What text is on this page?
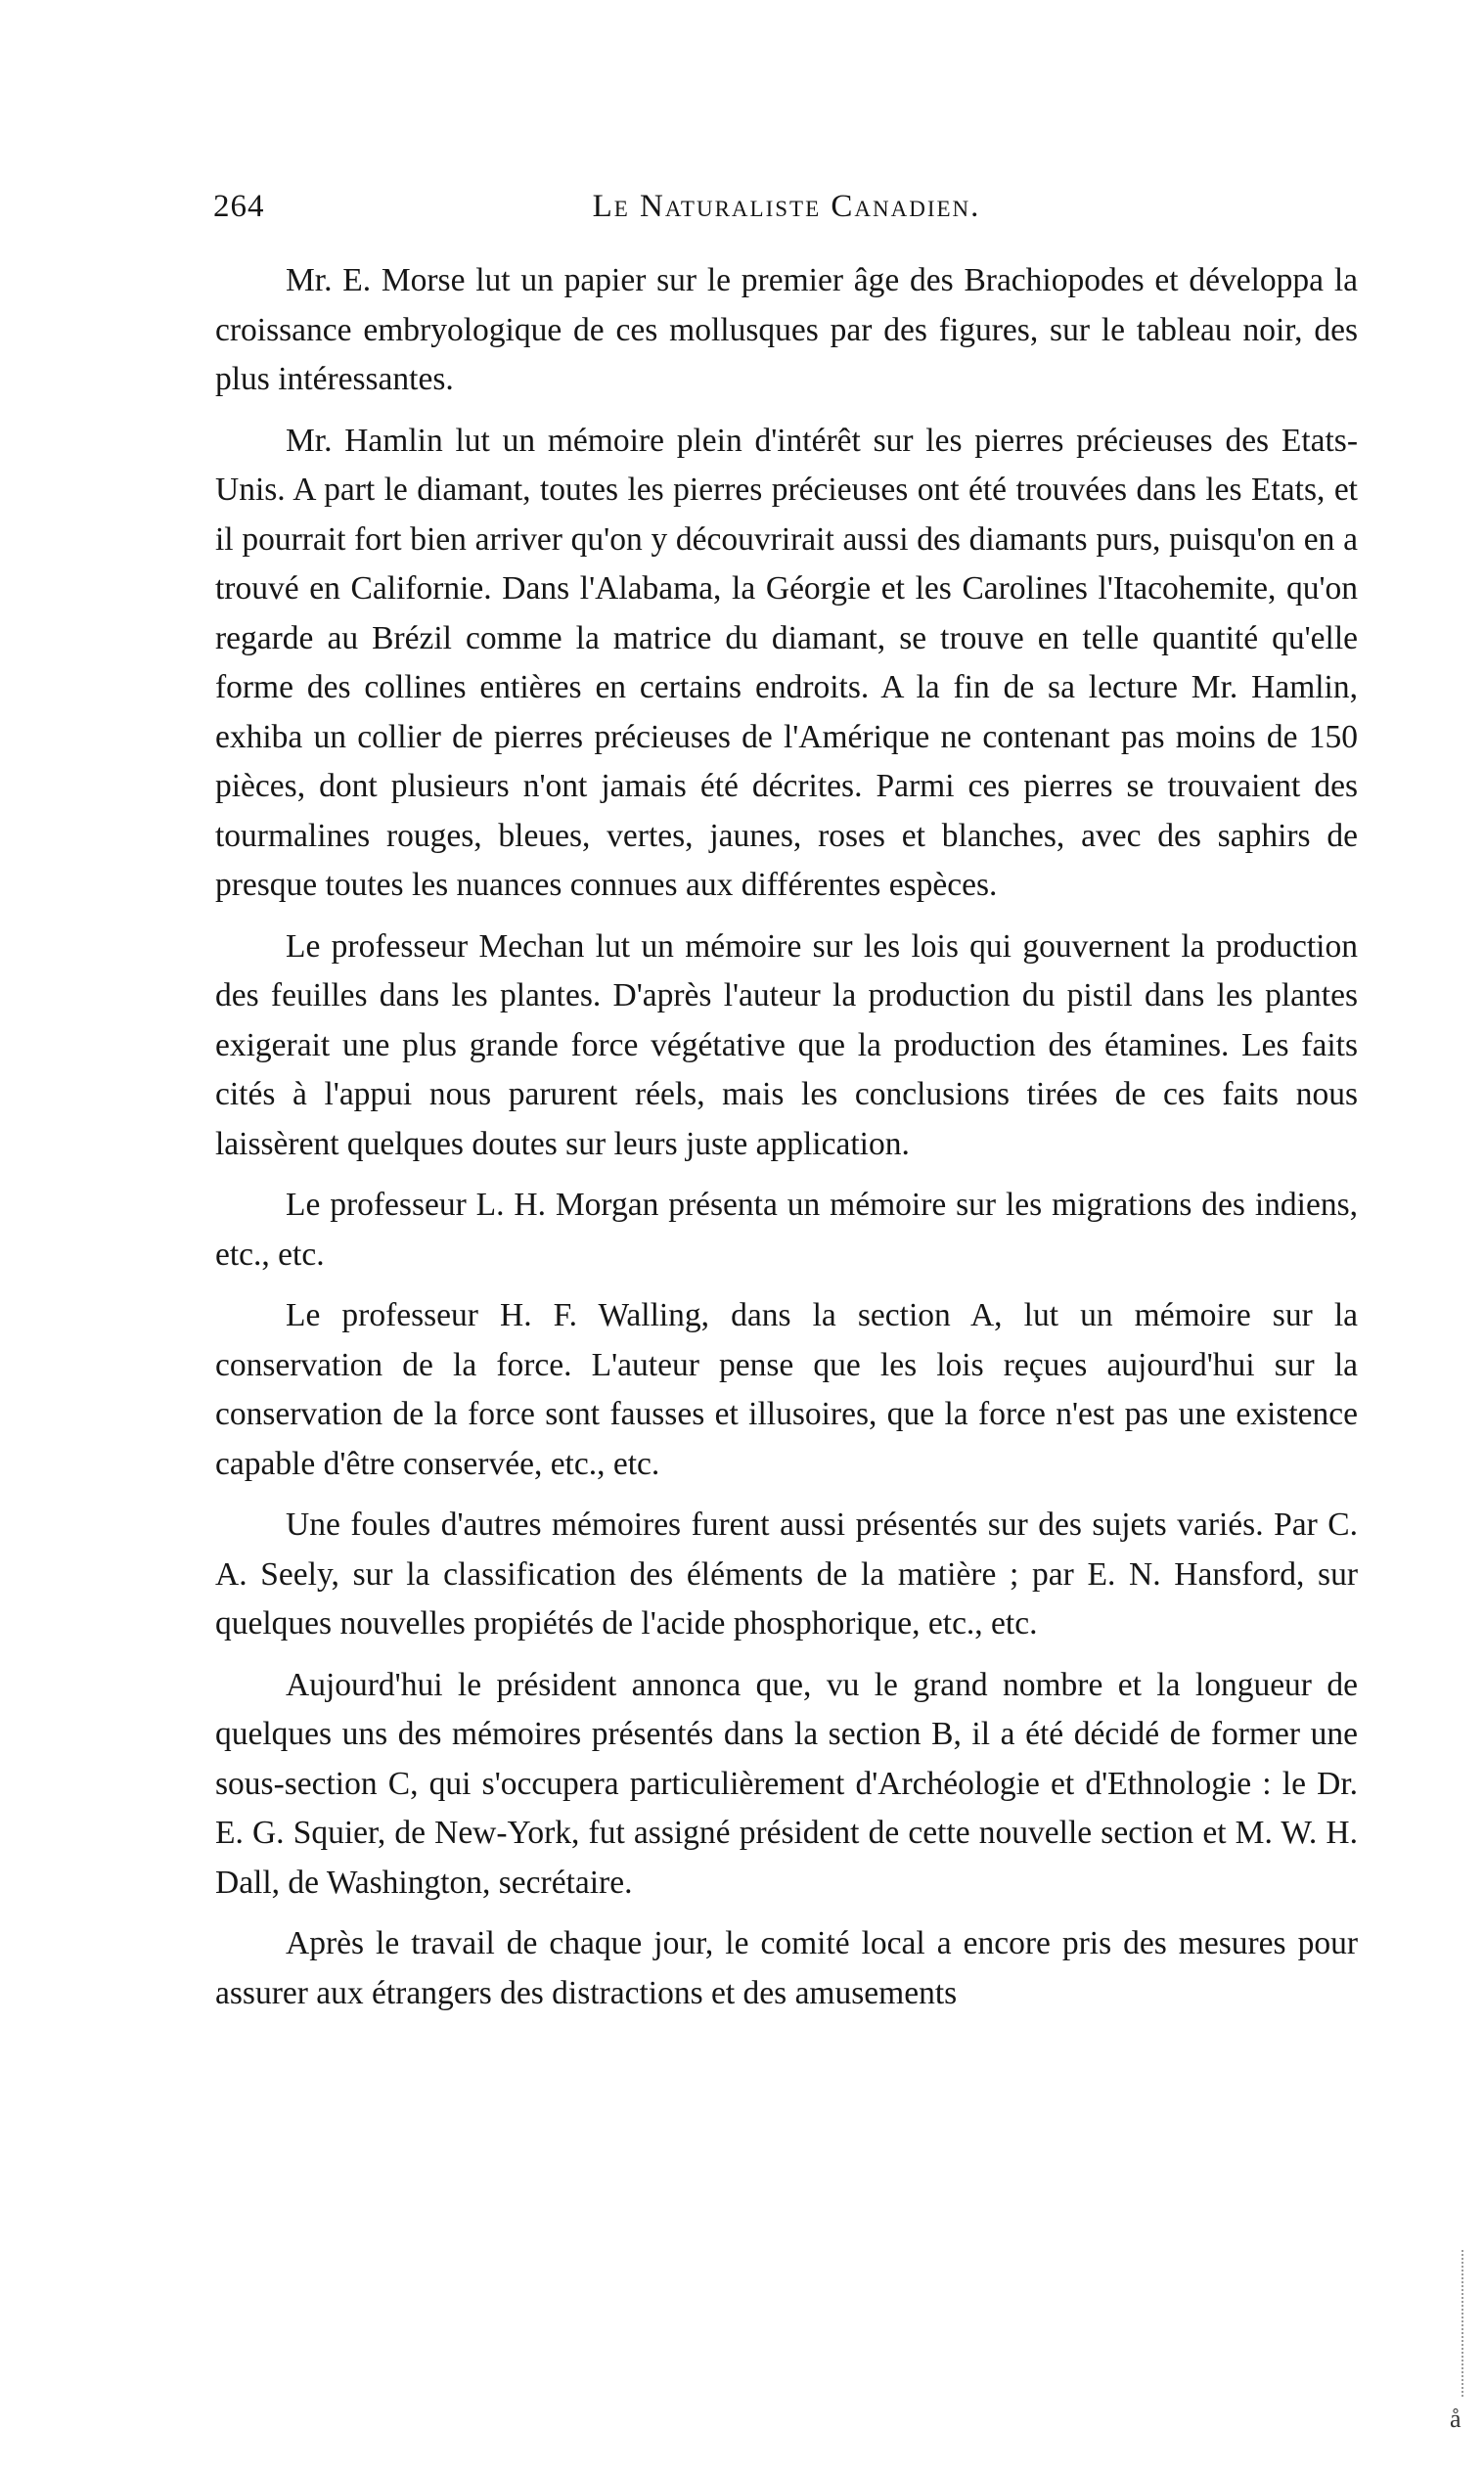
264	Le Naturaliste Canadien.

Mr. E. Morse lut un papier sur le premier âge des Brachiopodes et développa la croissance embryologique de ces mollusques par des figures, sur le tableau noir, des plus intéressantes.

Mr. Hamlin lut un mémoire plein d'intérêt sur les pierres précieuses des Etats-Unis. A part le diamant, toutes les pierres précieuses ont été trouvées dans les Etats, et il pourrait fort bien arriver qu'on y découvrirait aussi des diamants purs, puisqu'on en a trouvé en Californie. Dans l'Alabama, la Géorgie et les Carolines l'Itacohemite, qu'on regarde au Brézil comme la matrice du diamant, se trouve en telle quantité qu'elle forme des collines entières en certains endroits. A la fin de sa lecture Mr. Hamlin, exhiba un collier de pierres précieuses de l'Amérique ne contenant pas moins de 150 pièces, dont plusieurs n'ont jamais été décrites. Parmi ces pierres se trouvaient des tourmalines rouges, bleues, vertes, jaunes, roses et blanches, avec des saphirs de presque toutes les nuances connues aux différentes espèces.

Le professeur Mechan lut un mémoire sur les lois qui gouvernent la production des feuilles dans les plantes. D'après l'auteur la production du pistil dans les plantes exigerait une plus grande force végétative que la production des étamines. Les faits cités à l'appui nous parurent réels, mais les conclusions tirées de ces faits nous laissèrent quelques doutes sur leurs juste application.

Le professeur L. H. Morgan présenta un mémoire sur les migrations des indiens, etc., etc.

Le professeur H. F. Walling, dans la section A, lut un mémoire sur la conservation de la force. L'auteur pense que les lois reçues aujourd'hui sur la conservation de la force sont fausses et illusoires, que la force n'est pas une existence capable d'être conservée, etc., etc.

Une foules d'autres mémoires furent aussi présentés sur des sujets variés. Par C. A. Seely, sur la classification des éléments de la matière ; par E. N. Hansford, sur quelques nouvelles propiétés de l'acide phosphorique, etc., etc.

Aujourd'hui le président annonca que, vu le grand nombre et la longueur de quelques uns des mémoires présentés dans la section B, il a été décidé de former une sous-section C, qui s'occupera particulièrement d'Archéologie et d'Ethnologie : le Dr. E. G. Squier, de New-York, fut assigné président de cette nouvelle section et M. W. H. Dall, de Washington, secrétaire.

Après le travail de chaque jour, le comité local a encore pris des mesures pour assurer aux étrangers des distractions et des amusements

å
